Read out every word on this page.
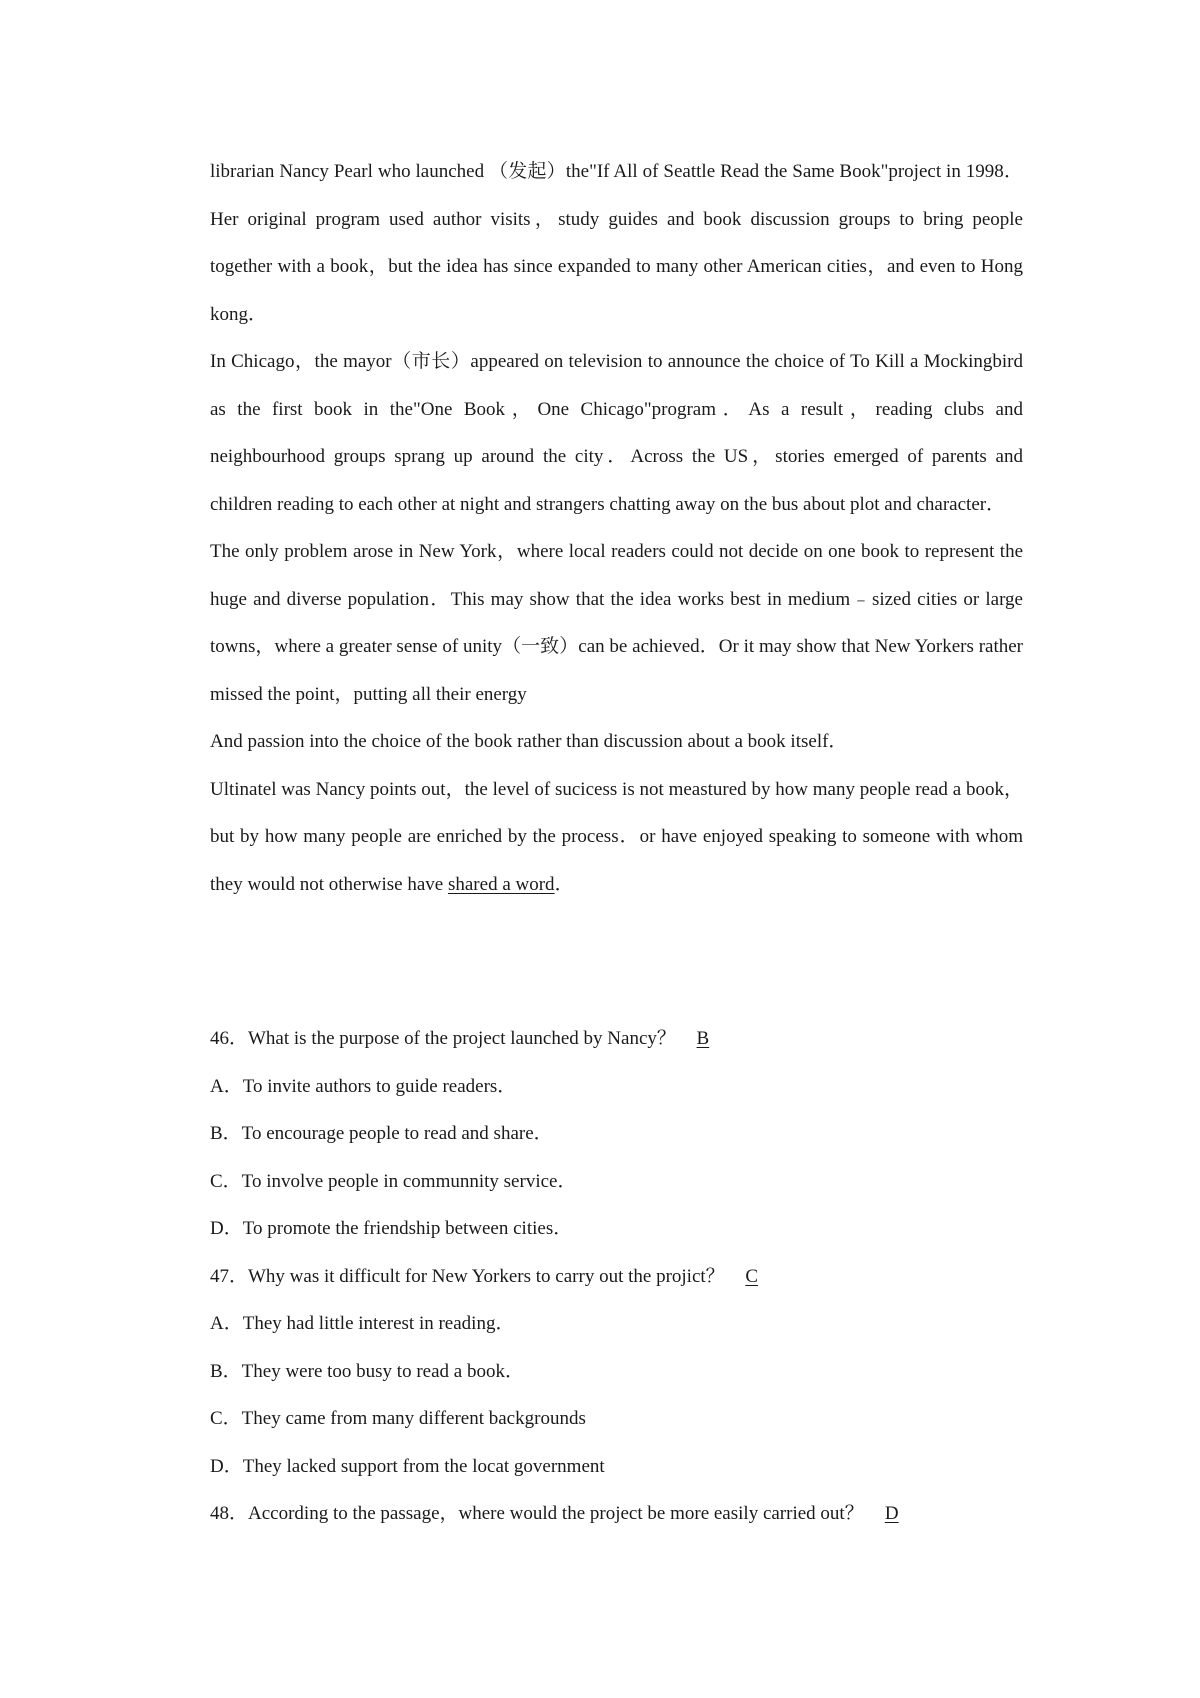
librarian Nancy Pearl who launched （发起）the"If All of Seattle Read the Same Book"project in 1998．Her original program used author visits，study guides and book discussion groups to bring people together with a book，but the idea has since expanded to many other American cities，and even to Hong kong．

In Chicago，the mayor（市长）appeared on television to announce the choice of To Kill a Mockingbird as the first book in the"One Book，One Chicago"program．As a result，reading clubs and neighbourhood groups sprang up around the city．Across the US，stories emerged of parents and children reading to each other at night and strangers chatting away on the bus about plot and character．

The only problem arose in New York，where local readers could not decide on one book to represent the huge and diverse population．This may show that the idea works best in medium﹣sized cities or large towns，where a greater sense of unity（一致）can be achieved．Or it may show that New Yorkers rather missed the point，putting all their energy

And passion into the choice of the book rather than discussion about a book itself．

Ultinatel was Nancy points out，the level of sucicess is not meastured by how many people read a book，but by how many people are enriched by the process．or have enjoyed speaking to someone with whom they would not otherwise have shared a word．

46．What is the purpose of the project launched by Nancy？ B

A．To invite authors to guide readers．

B．To encourage people to read and share．

C．To involve people in communnity service．

D．To promote the friendship between cities．

47．Why was it difficult for New Yorkers to carry out the projict？ C

A．They had little interest in reading．

B．They were too busy to read a book．

C．They came from many different backgrounds

D．They lacked support from the locat government

48．According to the passage，where would the project be more easily carried out？ D
